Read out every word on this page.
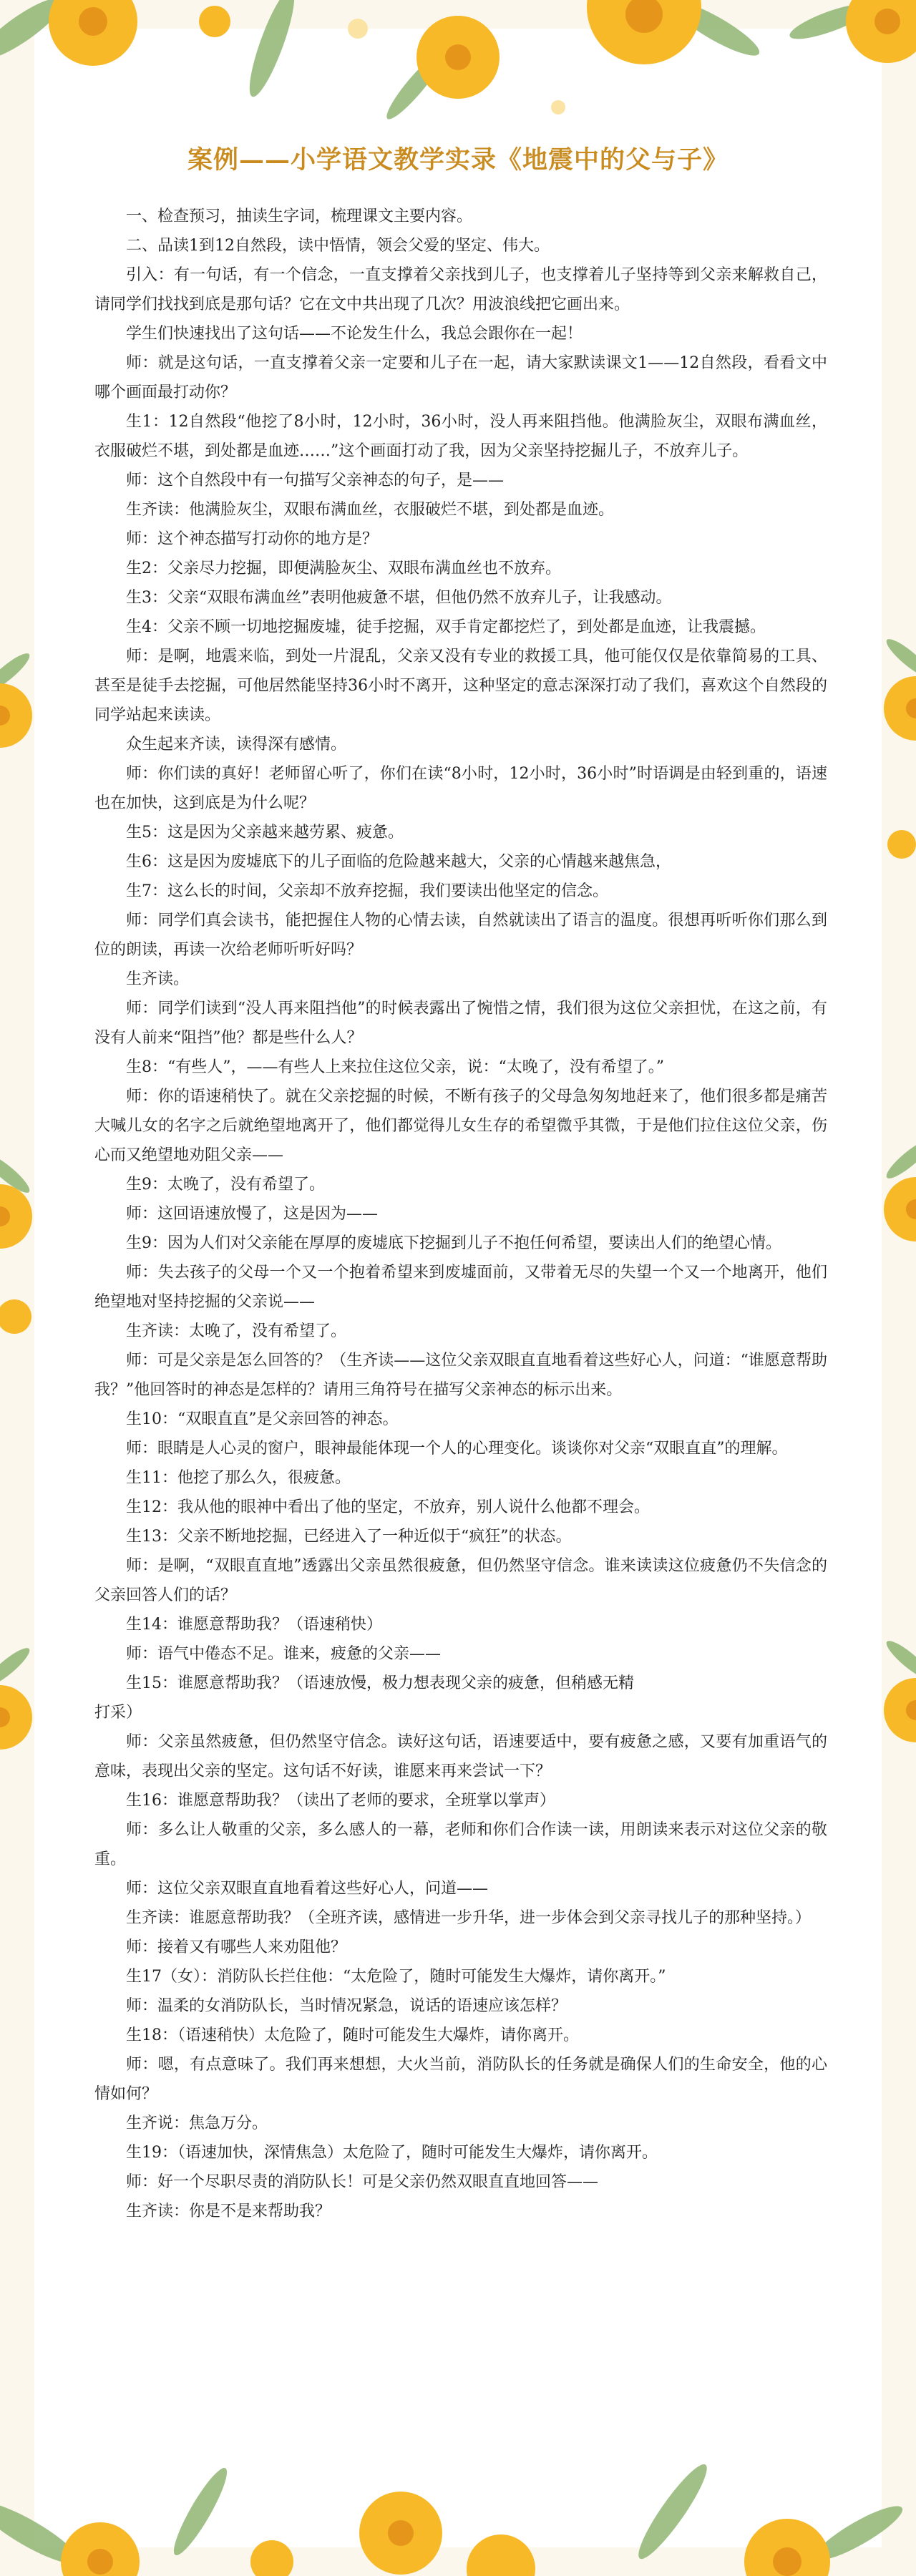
案例——小学语文教学实录《地震中的父与子》

一、检查预习，抽读生字词，梳理课文主要内容。

二、品读1到12自然段，读中悟情，领会父爱的坚定、伟大。

引入：有一句话，有一个信念，一直支撑着父亲找到儿子，也支撑着儿子坚持等到父亲来解救自己，请同学们找找到底是那句话？它在文中共出现了几次？用波浪线把它画出来。

学生们快速找出了这句话——不论发生什么，我总会跟你在一起！

师：就是这句话，一直支撑着父亲一定要和儿子在一起，请大家默读课文1——12自然段，看看文中哪个画面最打动你？

生1：12自然段“他挖了8小时，12小时，36小时，没人再来阻挡他。他满脸灰尘，双眼布满血丝，衣服破烂不堪，到处都是血迹……”这个画面打动了我，因为父亲坚持挖掘儿子，不放弃儿子。

师：这个自然段中有一句描写父亲神态的句子，是——

生齐读：他满脸灰尘，双眼布满血丝，衣服破烂不堪，到处都是血迹。

师：这个神态描写打动你的地方是？

生2：父亲尽力挖掘，即便满脸灰尘、双眼布满血丝也不放弃。

生3：父亲“双眼布满血丝”表明他疲惫不堪，但他仍然不放弃儿子，让我感动。

生4：父亲不顾一切地挖掘废墟，徒手挖掘，双手肯定都挖烂了，到处都是血迹，让我震撼。

师：是啊，地震来临，到处一片混乱，父亲又没有专业的救援工具，他可能仅仅是依靠简易的工具、甚至是徒手去挖掘，可他居然能坚持36小时不离开，这种坚定的意志深深打动了我们，喜欢这个自然段的同学站起来读读。

众生起来齐读，读得深有感情。

师：你们读的真好！老师留心听了，你们在读“8小时，12小时，36小时”时语调是由轻到重的，语速也在加快，这到底是为什么呢？

生5：这是因为父亲越来越劳累、疲惫。

生6：这是因为废墟底下的儿子面临的危险越来越大，父亲的心情越来越焦急，

生7：这么长的时间，父亲却不放弃挖掘，我们要读出他坚定的信念。

师：同学们真会读书，能把握住人物的心情去读，自然就读出了语言的温度。很想再听听你们那么到位的朗读，再读一次给老师听听好吗？

生齐读。

师：同学们读到“没人再来阻挡他”的时候表露出了惋惜之情，我们很为这位父亲担忧，在这之前，有没有人前来“阻挡”他？都是些什么人？

生8：“有些人”，——有些人上来拉住这位父亲，说：“太晚了，没有希望了。”

师：你的语速稍快了。就在父亲挖掘的时候，不断有孩子的父母急匆匆地赶来了，他们很多都是痛苦大喊儿女的名字之后就绝望地离开了，他们都觉得儿女生存的希望微乎其微，于是他们拉住这位父亲，伤心而又绝望地劝阻父亲——

生9：太晚了，没有希望了。

师：这回语速放慢了，这是因为——

生9：因为人们对父亲能在厚厚的废墟底下挖掘到儿子不抱任何希望，要读出人们的绝望心情。

师：失去孩子的父母一个又一个抱着希望来到废墟面前，又带着无尽的失望一个又一个地离开，他们绝望地对坚持挖掘的父亲说——

生齐读：太晚了，没有希望了。

师：可是父亲是怎么回答的？（生齐读——这位父亲双眼直直地看着这些好心人，问道：“谁愿意帮助我？”他回答时的神态是怎样的？请用三角符号在描写父亲神态的标示出来。

生10：“双眼直直”是父亲回答的神态。

师：眼睛是人心灵的窗户，眼神最能体现一个人的心理变化。谈谈你对父亲“双眼直直”的理解。

生11：他挖了那么久，很疲惫。

生12：我从他的眼神中看出了他的坚定，不放弃，别人说什么他都不理会。

生13：父亲不断地挖掘，已经进入了一种近似于“疯狂”的状态。

师：是啊，“双眼直直地”透露出父亲虽然很疲惫，但仍然坚守信念。谁来读读这位疲惫仍不失信念的父亲回答人们的话？

生14：谁愿意帮助我？（语速稍快）

师：语气中倦态不足。谁来，疲惫的父亲——

生15：谁愿意帮助我？（语速放慢，极力想表现父亲的疲惫，但稍感无精

打采）

师：父亲虽然疲惫，但仍然坚守信念。读好这句话，语速要适中，要有疲惫之感，又要有加重语气的意味，表现出父亲的坚定。这句话不好读，谁愿来再来尝试一下？

生16：谁愿意帮助我？（读出了老师的要求，全班掌以掌声）

师：多么让人敬重的父亲，多么感人的一幕，老师和你们合作读一读，用朗读来表示对这位父亲的敬重。

师：这位父亲双眼直直地看着这些好心人，问道——

生齐读：谁愿意帮助我？（全班齐读，感情进一步升华，进一步体会到父亲寻找儿子的那种坚持。）

师：接着又有哪些人来劝阻他？

生17（女）：消防队长拦住他：“太危险了，随时可能发生大爆炸，请你离开。”

师：温柔的女消防队长，当时情况紧急，说话的语速应该怎样？

生18：（语速稍快）太危险了，随时可能发生大爆炸，请你离开。

师：嗯，有点意味了。我们再来想想，大火当前，消防队长的任务就是确保人们的生命安全，他的心情如何？

生齐说：焦急万分。

生19：（语速加快，深情焦急）太危险了，随时可能发生大爆炸，请你离开。

师：好一个尽职尽责的消防队长！可是父亲仍然双眼直直地回答——

生齐读：你是不是来帮助我？
